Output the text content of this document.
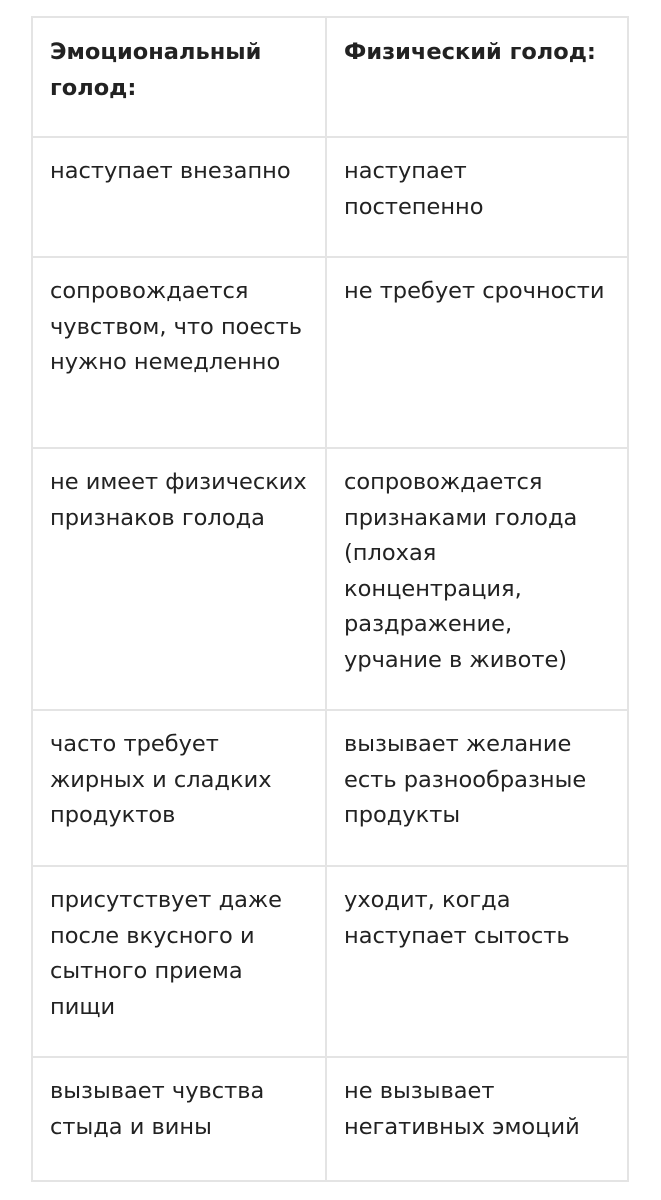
Эмоциональный голод:
Физический голод:
наступает внезапно	наступает постепенно
сопровождается чувством, что поесть нужно немедленно
не требует срочности
не имеет физических признаков голода
сопровождается признаками голода (плохая концентрация, раздражение, урчание в животе)
часто требует жирных и сладких продуктов
вызывает желание есть разнообразные продукты
присутствует даже после вкусного и сытного приема пищи
уходит, когда наступает сытость
вызывает чувства стыда и вины
не вызывает негативных эмоций
